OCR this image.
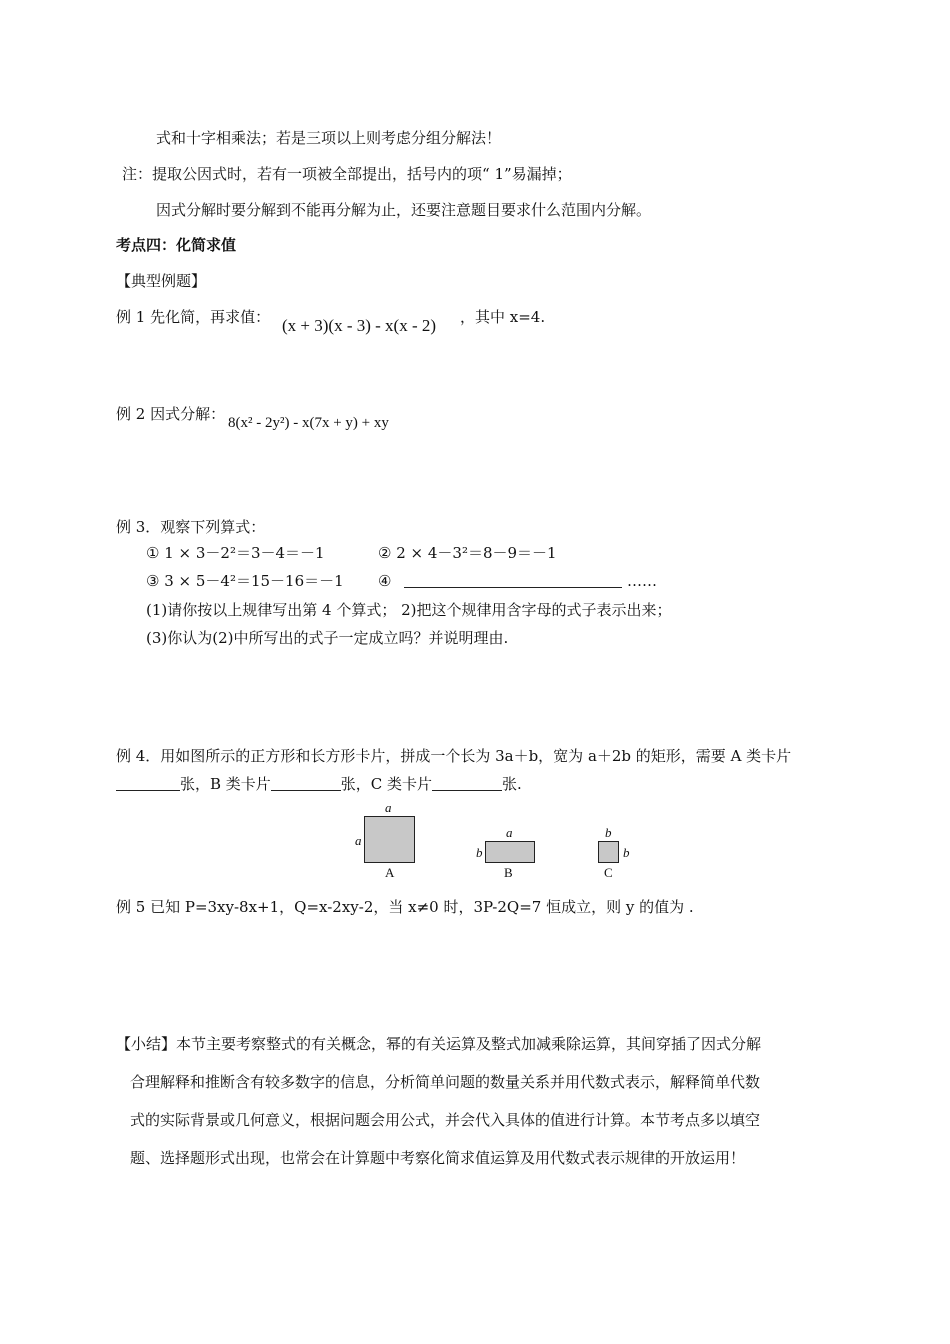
式和十字相乘法；若是三项以上则考虑分组分解法！
注：提取公因式时，若有一项被全部提出，括号内的项“ 1”易漏掉；
因式分解时要分解到不能再分解为止，还要注意题目要求什么范围内分解。
考点四：化简求值
【典型例题】
例 1 先化简，再求值： (x + 3)(x - 3) - x(x - 2) ，其中 x=4.
例 2 因式分解： 8(x² - 2y²) - x(7x + y) + xy
例 3．观察下列算式：
① 1 × 3－2²＝3－4＝－1	② 2 × 4－3²＝8－9＝－1
③ 3 × 5－4²＝15－16＝－1 ④	……
(1)请你按以上规律写出第 4 个算式； 2)把这个规律用含字母的式子表示出来；
(3)你认为(2)中所写出的式子一定成立吗？并说明理由.
例 4．用如图所示的正方形和长方形卡片，拼成一个长为 3a＋b，宽为 a＋2b 的矩形，需要 A 类卡片
张，B 类卡片	张，C 类卡片	张.
a
a
A
a
b
B
b
b
C
例 5 已知 P=3xy-8x+1，Q=x-2xy-2，当 x≠0 时，3P-2Q=7 恒成立，则 y 的值为 .
【小结】本节主要考察整式的有关概念，幂的有关运算及整式加减乘除运算，其间穿插了因式分解
合理解释和推断含有较多数字的信息，分析简单问题的数量关系并用代数式表示，解释简单代数
式的实际背景或几何意义，根据问题会用公式，并会代入具体的值进行计算。本节考点多以填空
题、选择题形式出现，也常会在计算题中考察化简求值运算及用代数式表示规律的开放运用！
